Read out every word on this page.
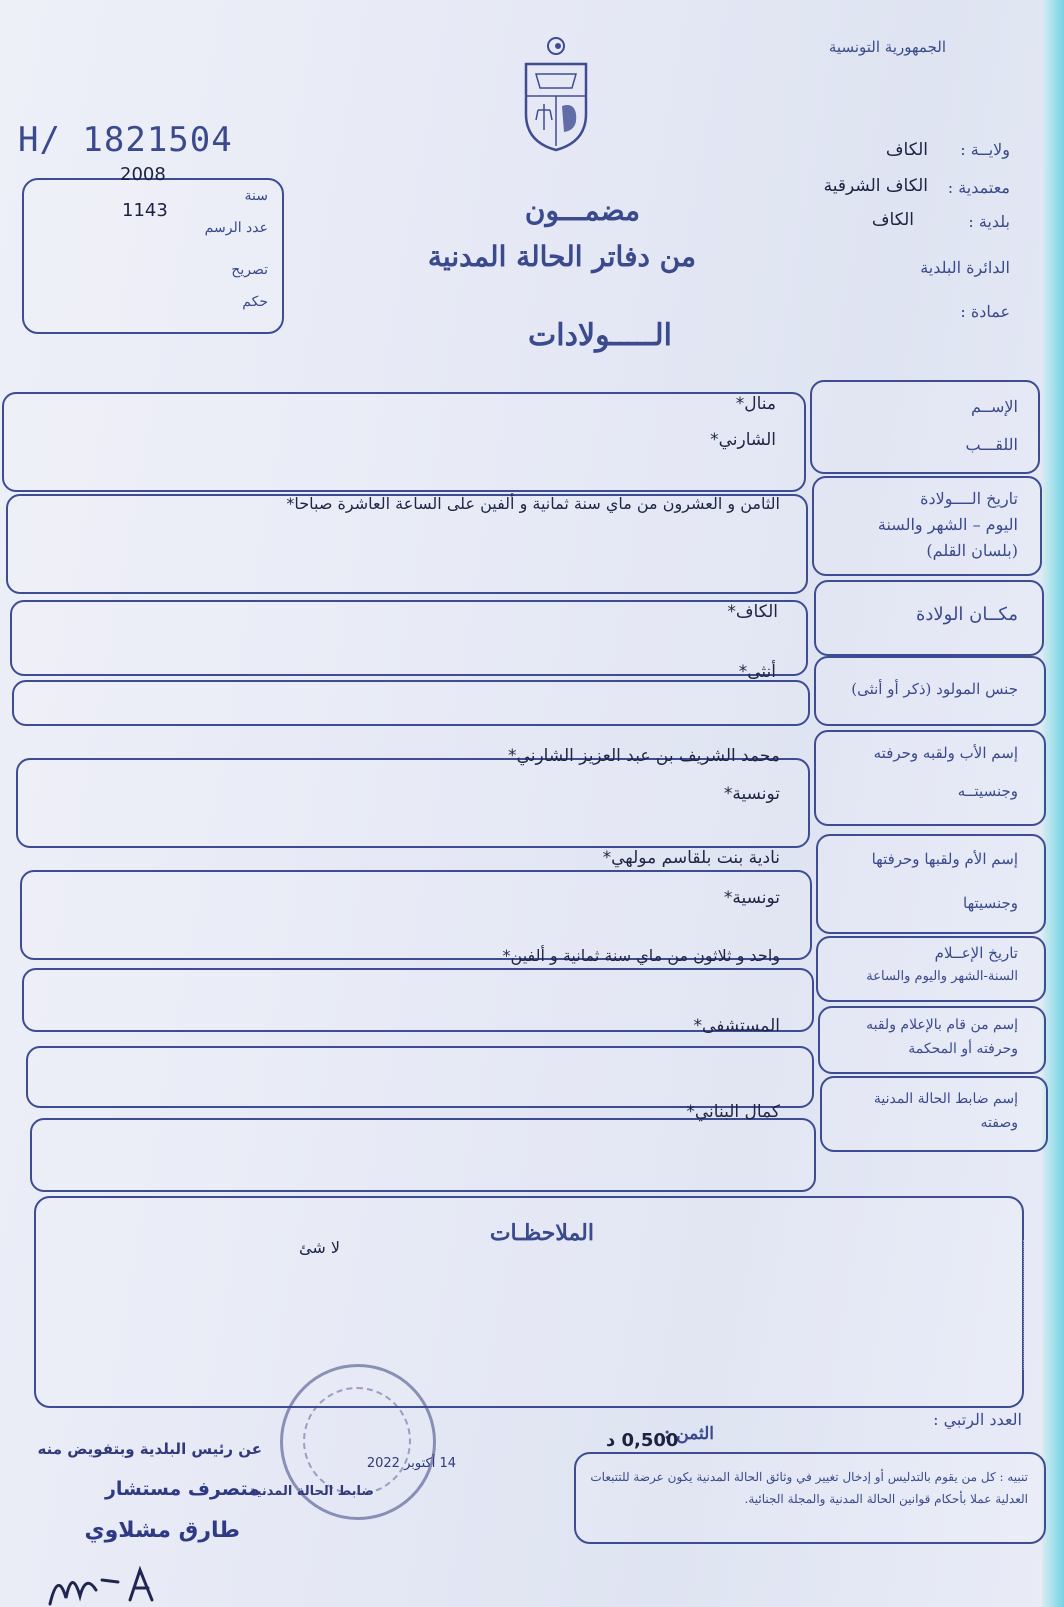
الجمهورية التونسية
H/ 1821504
2008
سنة
1143
عدد الرسم
تصريح
حكم
ولايــة :
الكاف
معتمدية :
الكاف الشرقية
بلدية :
الكاف
الدائرة البلدية
عمادة :
مضمـــون
من دفاتر الحالة المدنية
الـــــولادات
الإســم
اللقـــب
منال*
الشارني*
تاريخ الــــولادة
اليوم – الشهر والسنة
(بلسان القلم)
الثامن و العشرون من ماي سنة ثمانية و ألفين على الساعة العاشرة صباحا*
مكــان الولادة
الكاف*
جنس المولود (ذكر أو أنثى)
أنثى*
إسم الأب ولقبه وحرفته
وجنسيتــه
محمد الشريف بن عبد العزيز الشارني*
تونسية*
إسم الأم ولقبها وحرفتها
وجنسيتها
نادية بنت بلقاسم مولهي*
تونسية*
تاريخ الإعــلام
السنة-الشهر واليوم والساعة
واحد و ثلاثون من ماي سنة ثمانية و ألفين*
إسم من قام بالإعلام ولقبه
وحرفته أو المحكمة
المستشفى*
إسم ضابط الحالة المدنية
وصفته
كمال البناني*
الملاحظـات
لا شئ
العدد الرتبي :
الثمن :
0,500 د
تنبيه : كل من يقوم بالتدليس أو إدخال تغيير في وثائق الحالة المدنية يكون عرضة للتتبعات العدلية عملا بأحكام قوانين الحالة المدنية والمجلة الجنائية.
عن رئيس البلدية وبتفويض منه
14 أكتوبر 2022
ضابط الحالة المدنية
متصرف مستشار
طارق مشلاوي
